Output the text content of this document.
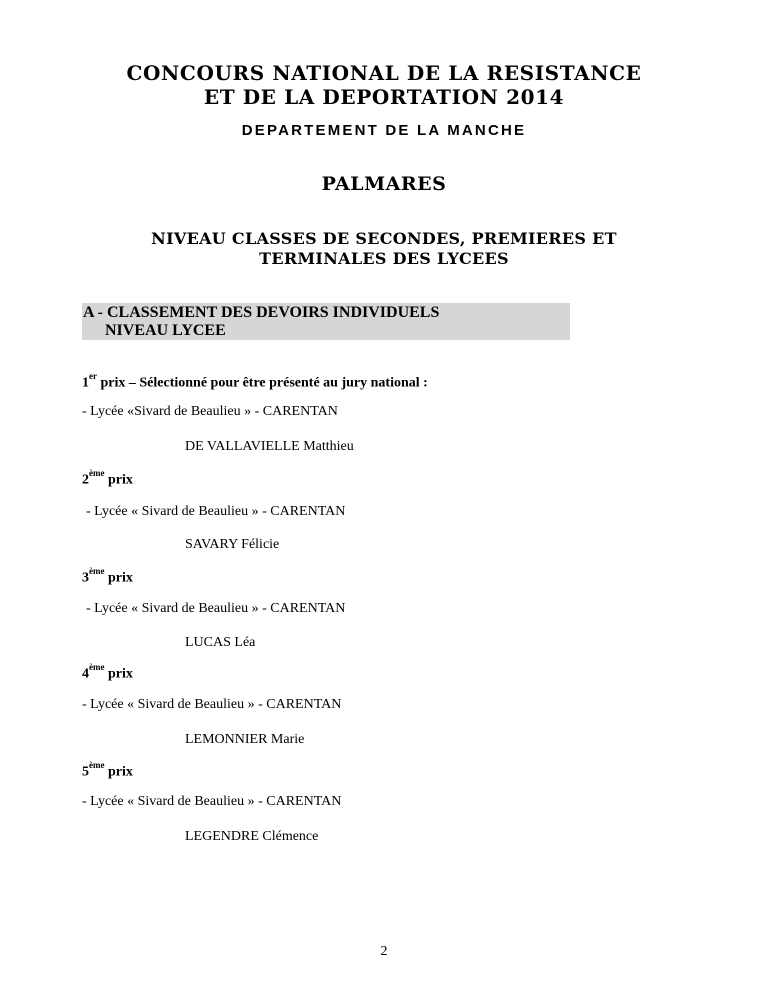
CONCOURS NATIONAL DE LA RESISTANCE
ET DE LA DEPORTATION 2014
DEPARTEMENT DE LA MANCHE
PALMARES
NIVEAU CLASSES DE SECONDES, PREMIERES ET
TERMINALES DES LYCEES
A - CLASSEMENT DES DEVOIRS INDIVIDUELS
NIVEAU LYCEE
1er prix – Sélectionné pour être présenté au jury national :
- Lycée «Sivard de Beaulieu » - CARENTAN
DE VALLAVIELLE Matthieu
2ème prix
- Lycée « Sivard de Beaulieu » - CARENTAN
SAVARY Félicie
3ème prix
- Lycée « Sivard de Beaulieu » - CARENTAN
LUCAS Léa
4ème prix
- Lycée « Sivard de Beaulieu » - CARENTAN
LEMONNIER Marie
5ème prix
- Lycée « Sivard de Beaulieu » - CARENTAN
LEGENDRE Clémence
2
